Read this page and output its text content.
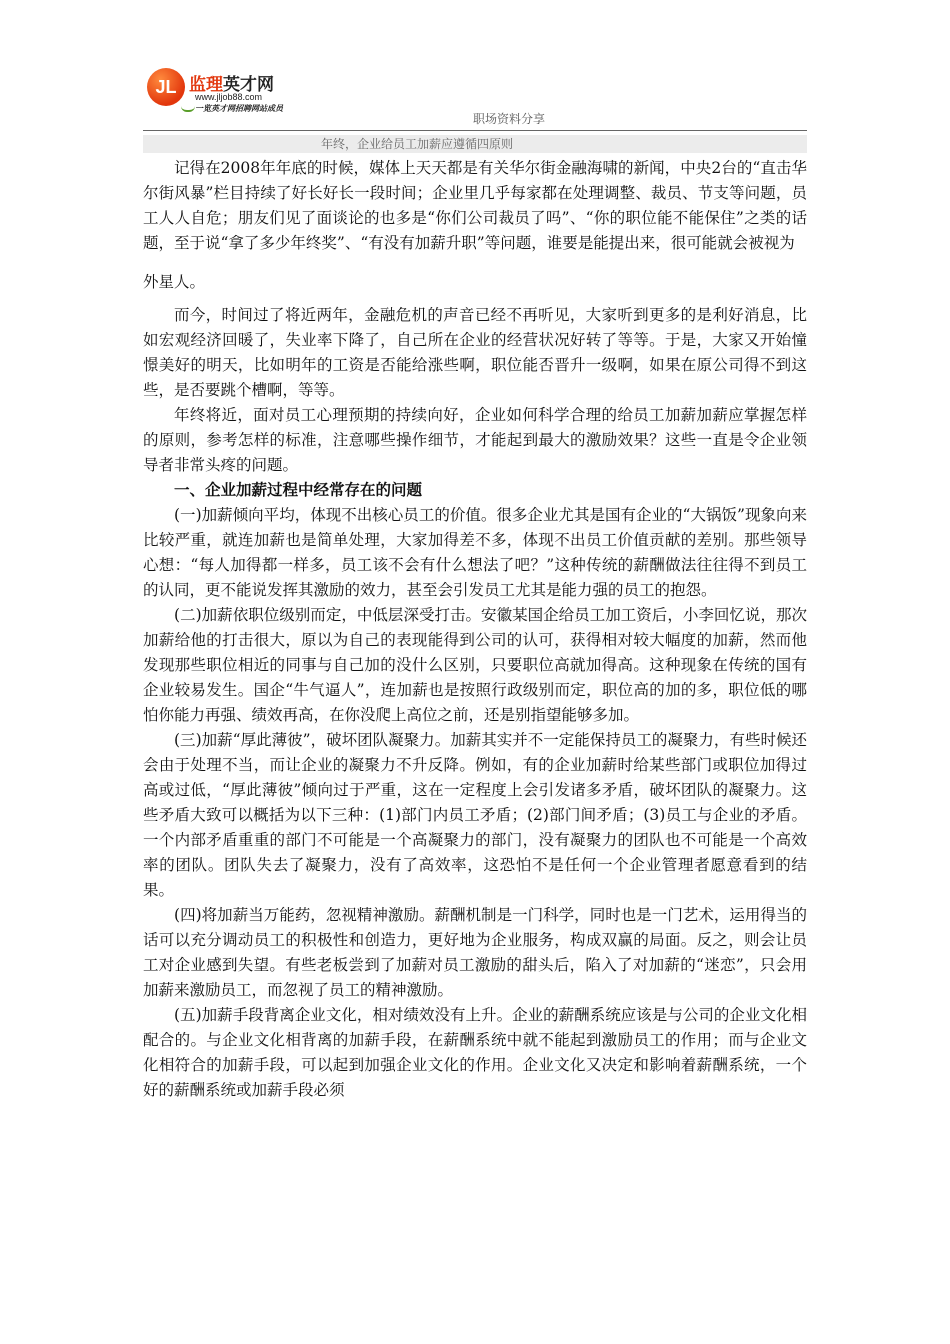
JL 监理英才网
www.jljob88.com
一览英才网招聘网站成员
职场资料分享
年终，企业给员工加薪应遵循四原则

记得在2008年年底的时候，媒体上天天都是有关华尔街金融海啸的新闻，中央2台的“直击华尔街风暴”栏目持续了好长好长一段时间；企业里几乎每家都在处理调整、裁员、节支等问题，员工人人自危；朋友们见了面谈论的也多是“你们公司裁员了吗”、“你的职位能不能保住”之类的话题，至于说“拿了多少年终奖”、“有没有加薪升职”等问题，谁要是能提出来，很可能就会被视为
外星人。

而今，时间过了将近两年，金融危机的声音已经不再听见，大家听到更多的是利好消息，比如宏观经济回暖了，失业率下降了，自己所在企业的经营状况好转了等等。于是，大家又开始憧憬美好的明天，比如明年的工资是否能给涨些啊，职位能否晋升一级啊，如果在原公司得不到这些，是否要跳个槽啊，等等。

年终将近，面对员工心理预期的持续向好，企业如何科学合理的给员工加薪加薪应掌握怎样的原则，参考怎样的标准，注意哪些操作细节，才能起到最大的激励效果？这些一直是令企业领导者非常头疼的问题。

一、企业加薪过程中经常存在的问题

(一)加薪倾向平均，体现不出核心员工的价值。很多企业尤其是国有企业的“大锅饭”现象向来比较严重，就连加薪也是简单处理，大家加得差不多，体现不出员工价值贡献的差别。那些领导心想：“每人加得都一样多，员工该不会有什么想法了吧？”这种传统的薪酬做法往往得不到员工的认同，更不能说发挥其激励的效力，甚至会引发员工尤其是能力强的员工的抱怨。

(二)加薪依职位级别而定，中低层深受打击。安徽某国企给员工加工资后，小李回忆说，那次加薪给他的打击很大，原以为自己的表现能得到公司的认可，获得相对较大幅度的加薪，然而他发现那些职位相近的同事与自己加的没什么区别，只要职位高就加得高。这种现象在传统的国有企业较易发生。国企“牛气逼人”，连加薪也是按照行政级别而定，职位高的加的多，职位低的哪怕你能力再强、绩效再高，在你没爬上高位之前，还是别指望能够多加。

(三)加薪“厚此薄彼”，破坏团队凝聚力。加薪其实并不一定能保持员工的凝聚力，有些时候还会由于处理不当，而让企业的凝聚力不升反降。例如，有的企业加薪时给某些部门或职位加得过高或过低，“厚此薄彼”倾向过于严重，这在一定程度上会引发诸多矛盾，破坏团队的凝聚力。这些矛盾大致可以概括为以下三种：(1)部门内员工矛盾；(2)部门间矛盾；(3)员工与企业的矛盾。一个内部矛盾重重的部门不可能是一个高凝聚力的部门，没有凝聚力的团队也不可能是一个高效率的团队。团队失去了凝聚力，没有了高效率，这恐怕不是任何一个企业管理者愿意看到的结果。

(四)将加薪当万能药，忽视精神激励。薪酬机制是一门科学，同时也是一门艺术，运用得当的话可以充分调动员工的积极性和创造力，更好地为企业服务，构成双赢的局面。反之，则会让员工对企业感到失望。有些老板尝到了加薪对员工激励的甜头后，陷入了对加薪的“迷恋”，只会用加薪来激励员工，而忽视了员工的精神激励。

(五)加薪手段背离企业文化，相对绩效没有上升。企业的薪酬系统应该是与公司的企业文化相配合的。与企业文化相背离的加薪手段，在薪酬系统中就不能起到激励员工的作用；而与企业文化相符合的加薪手段，可以起到加强企业文化的作用。企业文化又决定和影响着薪酬系统，一个好的薪酬系统或加薪手段必须
